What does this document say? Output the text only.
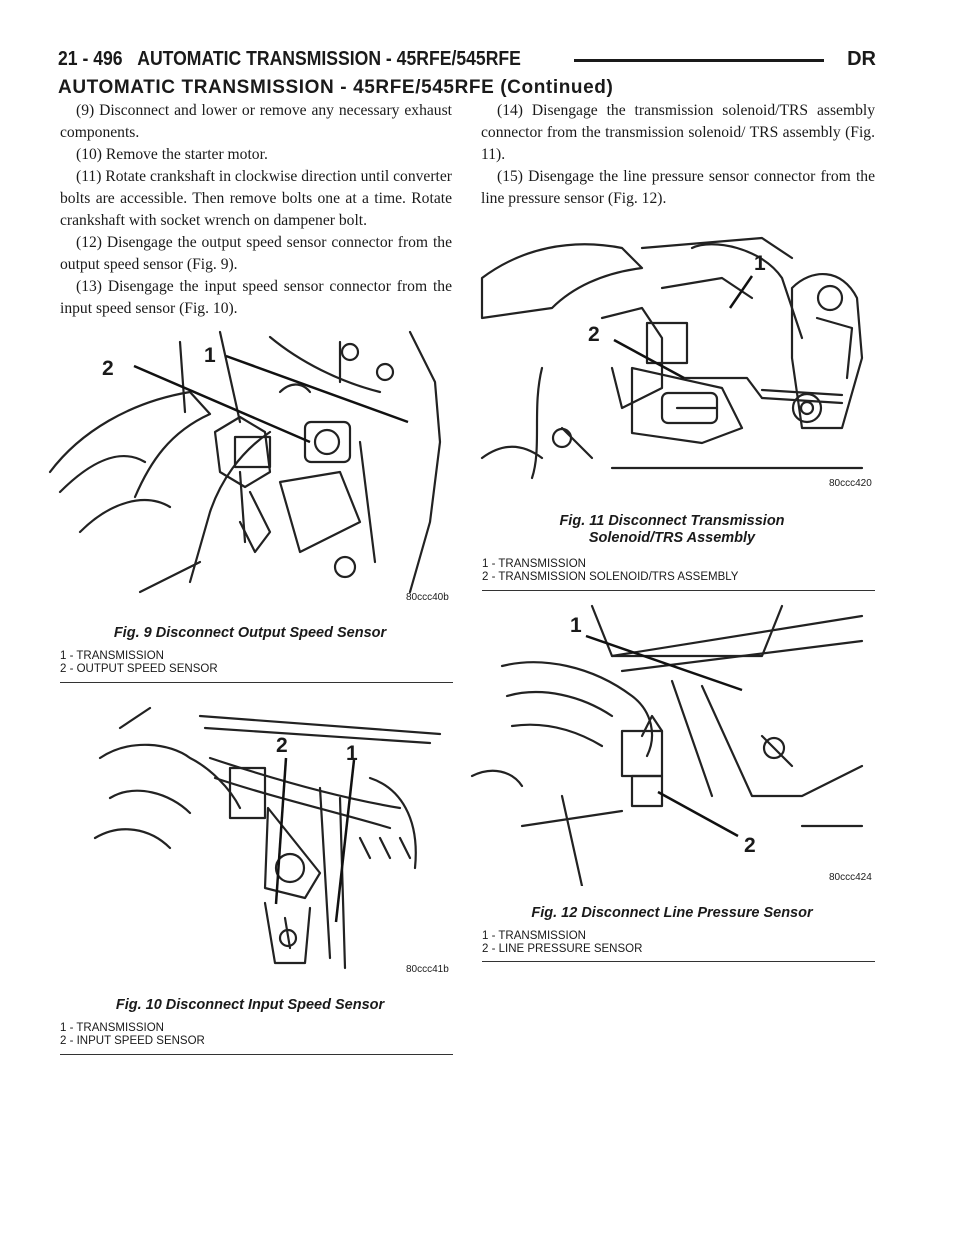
21 - 496 AUTOMATIC TRANSMISSION - 45RFE/545RFE	DR
AUTOMATIC TRANSMISSION - 45RFE/545RFE (Continued)

(9) Disconnect and lower or remove any necessary exhaust components.

(10) Remove the starter motor.

(11) Rotate crankshaft in clockwise direction until converter bolts are accessible. Then remove bolts one at a time. Rotate crankshaft with socket wrench on dampener bolt.

(12) Disengage the output speed sensor connector from the output speed sensor (Fig. 9).

(13) Disengage the input speed sensor connector from the input speed sensor (Fig. 10).

(14) Disengage the transmission solenoid/TRS assembly connector from the transmission solenoid/ TRS assembly (Fig. 11).

(15) Disengage the line pressure sensor connector from the line pressure sensor (Fig. 12).

2
1
80ccc40b
Fig. 9 Disconnect Output Speed Sensor
1 - TRANSMISSION
2 - OUTPUT SPEED SENSOR
2	1
80ccc41b
Fig. 10 Disconnect Input Speed Sensor
1 - TRANSMISSION
2 - INPUT SPEED SENSOR
1
2
80ccc420
Fig. 11 Disconnect Transmission Solenoid/TRS Assembly
1 - TRANSMISSION
2 - TRANSMISSION SOLENOID/TRS ASSEMBLY
1
2
80ccc424
Fig. 12 Disconnect Line Pressure Sensor
1 - TRANSMISSION
2 - LINE PRESSURE SENSOR
